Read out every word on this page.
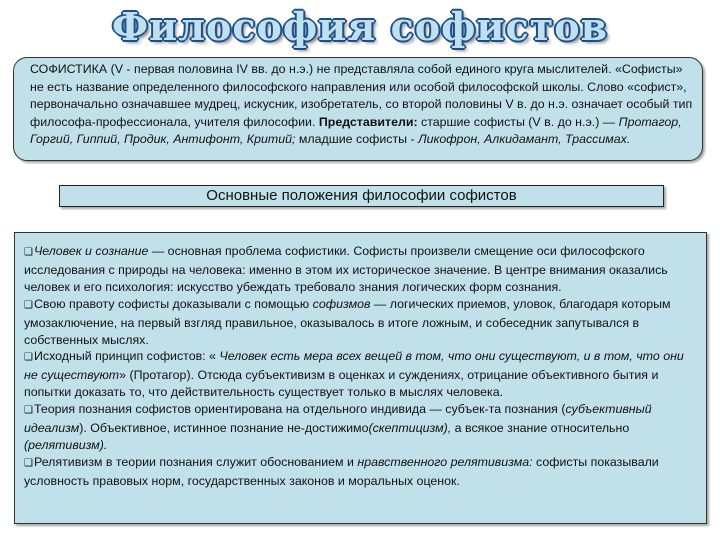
Философия софистов
СОФИСТИКА (V - первая половина IV вв. до н.э.) не представляла собой единого круга мыслителей. «Софисты» не есть название определенного философского направления или особой философской школы. Слово «софист», первоначально означавшее мудрец, искусник, изобретатель, со второй половины V в. до н.э. означает особый тип философа-профессионала, учителя философии. Представители: старшие софисты (V в. до н.э.) — Протагор, Горгий, Гиппий, Продик, Антифонт, Критий; младшие софисты - Ликофрон, Алкидамант, Трассимах.
Основные положения философии софистов

❑Человек и сознание — основная проблема софистики. Софисты произвели смещение оси философского исследования с природы на человека: именно в этом их историческое значение. В центре внимания оказались человек и его психология: искусство убеждать требовало знания логических форм сознания.

❑Свою правоту софисты доказывали с помощью софизмов — логических приемов, уловок, благодаря которым умозаключение, на первый взгляд правильное, оказывалось в итоге ложным, и собеседник запутывался в собственных мыслях.

❑Исходный принцип софистов: « Человек есть мера всех вещей в том, что они существуют, и в том, что они не существуют» (Протагор). Отсюда субъективизм в оценках и суждениях, отрицание объективного бытия и попытки доказать то, что действительность существует только в мыслях человека.

❑Теория познания софистов ориентирована на отдельного индивида — субъек-та познания (субъективный идеализм). Объективное, истинное познание не-достижимо(скептицизм), а всякое знание относительно (релятивизм).

❑Релятивизм в теории познания служит обоснованием и нравственного релятивизма: софисты показывали условность правовых норм, государственных законов и моральных оценок.
